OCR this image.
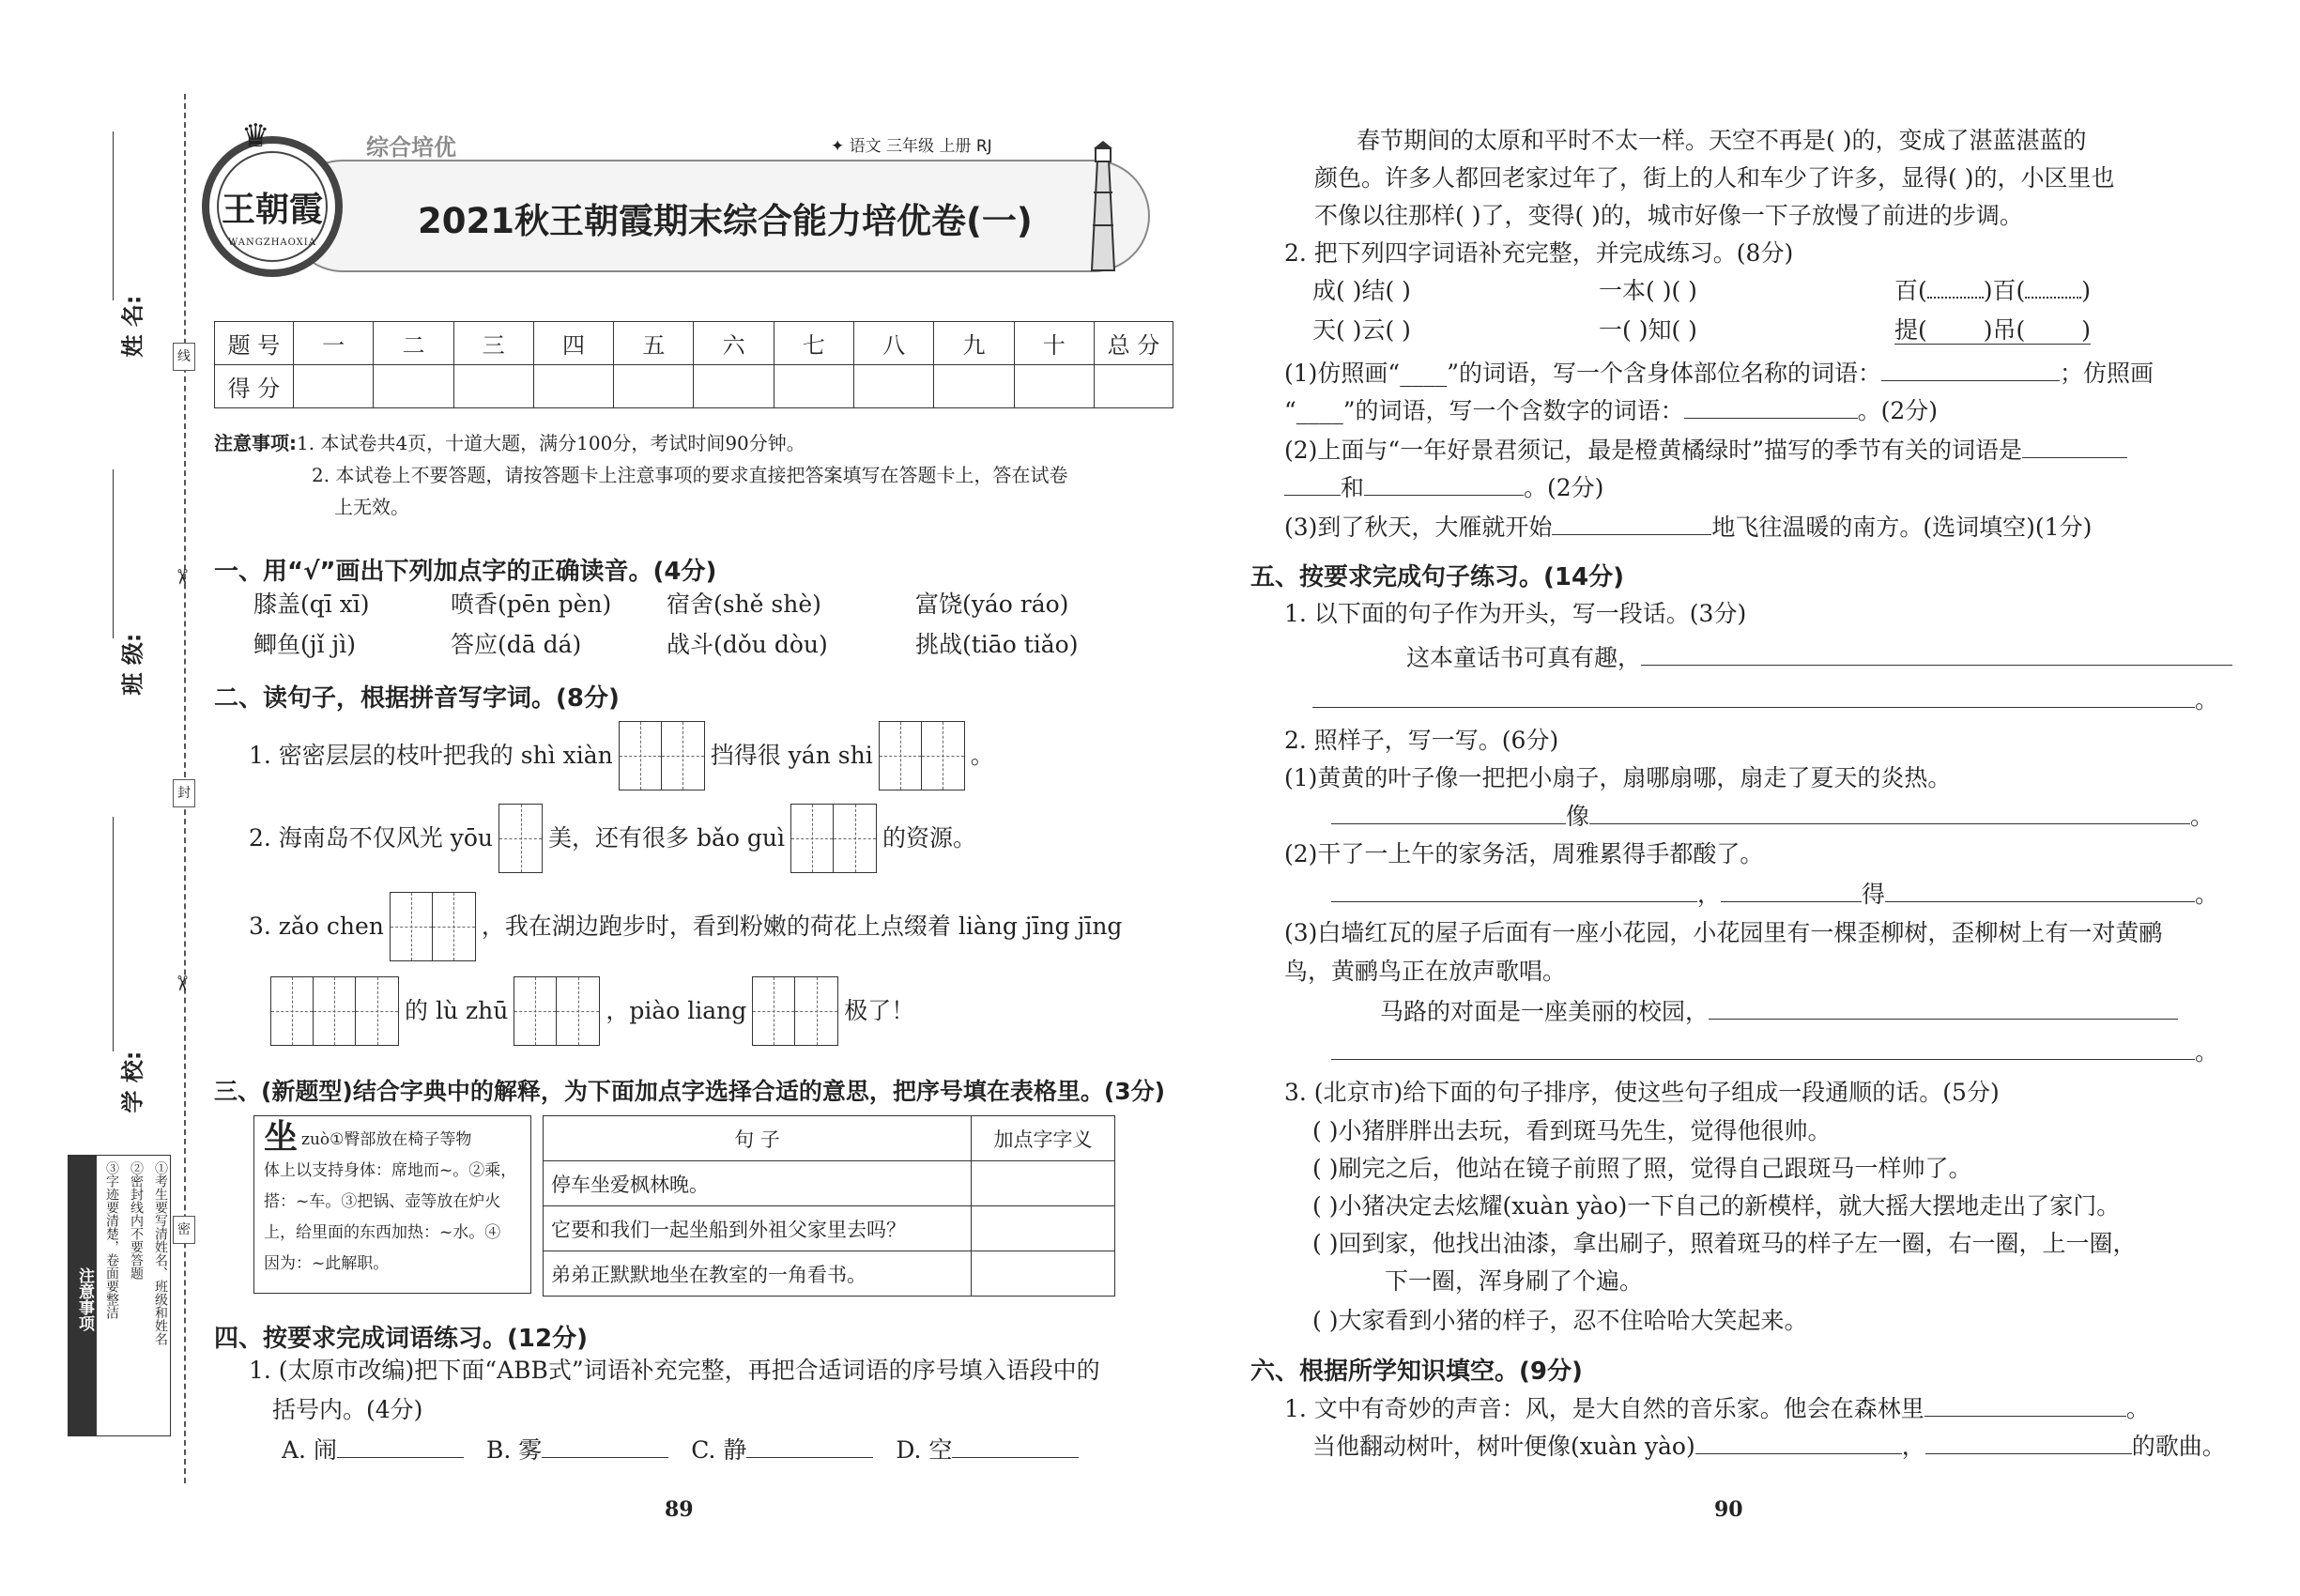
线
封
密
✂
✂
姓 名:
班 级:
学 校:
注意事项	①考生要写清姓名、班级和姓名
②密封线内不要答题
③字迹要清楚，卷面要整洁
综合培优	✦ 语文 三年级 上册 RJ
王朝霞
WANGZHAOXIA
♛
2021秋王朝霞期末综合能力培优卷(一)
题 号	一	二	三	四	五	六	七	八	九	十	总 分
得 分											
注意事项:1. 本试卷共4页，十道大题，满分100分，考试时间90分钟。
2. 本试卷上不要答题，请按答题卡上注意事项的要求直接把答案填写在答题卡上，答在试卷
上无效。
一、用“√”画出下列加点字的正确读音。(4分)
膝盖(qī xī)	喷香(pēn pèn) 宿舍(shě shè)	富饶(yáo ráo)
鲫鱼(jǐ jì)	答应(dā dá)	战斗(dǒu dòu)	挑战(tiāo tiǎo)
二、读句子，根据拼音写字词。(8分)
1. 密密层层的枝叶把我的 shì xiàn	挡得很 yán shi	。
2. 海南岛不仅风光 yōu 美，还有很多 bǎo guì	的资源。
3. zǎo chen	，我在湖边跑步时，看到粉嫩的荷花上点缀着 liàng jīng jīng
的 lù zhū	，piào liang	极了！
三、(新题型)结合字典中的解释，为下面加点字选择合适的意思，把序号填在表格里。(3分)
坐zuò①臀部放在椅子等物
体上以支持身体：席地而~。②乘，
搭：~车。③把锅、壶等放在炉火
上，给里面的东西加热：~水。④
因为：~此解职。
句 子	加点字字义
停车坐爱枫林晚。	
它要和我们一起坐船到外祖父家里去吗？	
弟弟正默默地坐在教室的一角看书。	
四、按要求完成词语练习。(12分)
1. (太原市改编)把下面“ABB式”词语补充完整，再把合适词语的序号填入语段中的
括号内。(4分)
A. 闹	B. 雾	C. 静	D. 空
89
春节期间的太原和平时不太一样。天空不再是( )的，变成了湛蓝湛蓝的
颜色。许多人都回老家过年了，街上的人和车少了许多，显得( )的，小区里也
不像以往那样( )了，变得( )的，城市好像一下子放慢了前进的步调。
2. 把下列四字词语补充完整，并完成练习。(8分)
成( )结( )	一本( )( )	百( )百( )
天( )云( )	一( )知( )	提( )吊( )
(1)仿照画“____”的词语，写一个含身体部位名称的词语：	；仿照画
“____”的词语，写一个含数字的词语：	。(2分)
(2)上面与“一年好景君须记，最是橙黄橘绿时”描写的季节有关的词语是
和	。(2分)
(3)到了秋天，大雁就开始	地飞往温暖的南方。(选词填空)(1分)
五、按要求完成句子练习。(14分)
1. 以下面的句子作为开头，写一段话。(3分)
这本童话书可真有趣，
。
2. 照样子，写一写。(6分)
(1)黄黄的叶子像一把把小扇子，扇哪扇哪，扇走了夏天的炎热。
像	。
(2)干了一上午的家务活，周雅累得手都酸了。
，	得	。
(3)白墙红瓦的屋子后面有一座小花园，小花园里有一棵歪柳树，歪柳树上有一对黄鹂
鸟，黄鹂鸟正在放声歌唱。
马路的对面是一座美丽的校园，
。
3. (北京市)给下面的句子排序，使这些句子组成一段通顺的话。(5分)
( )小猪胖胖出去玩，看到斑马先生，觉得他很帅。
( )刷完之后，他站在镜子前照了照，觉得自己跟斑马一样帅了。
( )小猪决定去炫耀(xuàn yào)一下自己的新模样，就大摇大摆地走出了家门。
( )回到家，他找出油漆，拿出刷子，照着斑马的样子左一圈，右一圈，上一圈，
下一圈，浑身刷了个遍。
( )大家看到小猪的样子，忍不住哈哈大笑起来。
六、根据所学知识填空。(9分)
1. 文中有奇妙的声音：风，是大自然的音乐家。他会在森林里	。
当他翻动树叶，树叶便像(xuàn yào)	，	的歌曲。
90
